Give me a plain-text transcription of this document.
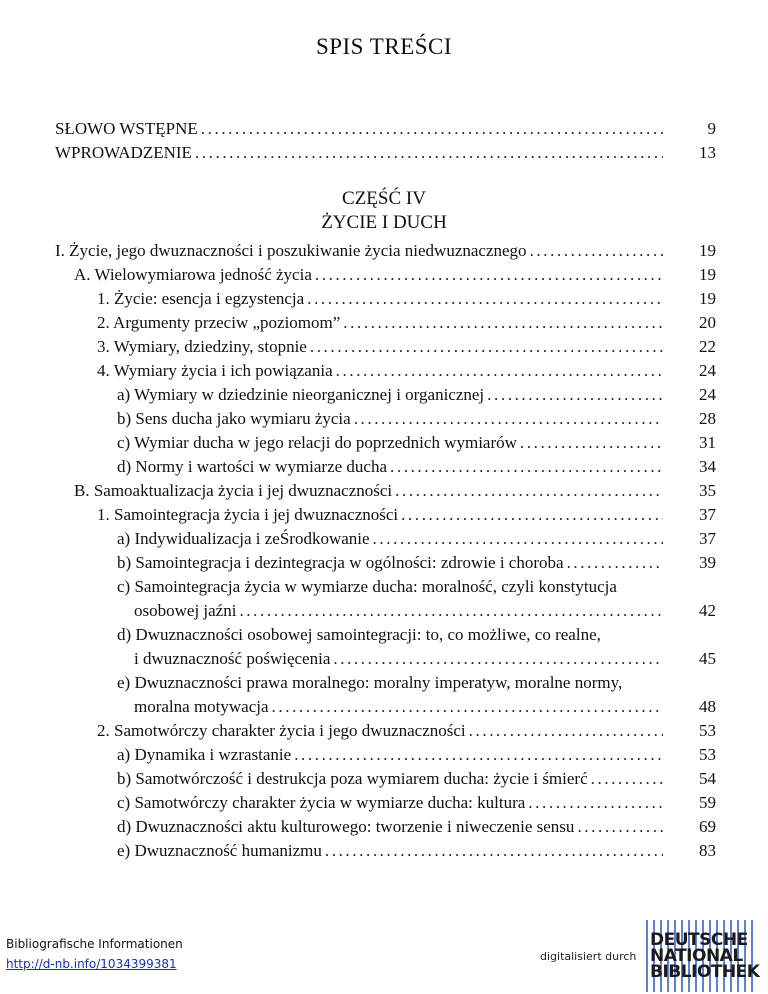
SPIS TREŚCI
SŁOWO WSTĘPNE .....	9
WPROWADZENIE .....	13
CZĘŚĆ IV
ŻYCIE I DUCH
I. Życie, jego dwuznaczności i poszukiwanie życia niedwuznacznego .....	19
A. Wielowymiarowa jedność życia .....	19
1. Życie: esencja i egzystencja .....	19
2. Argumenty przeciw „poziomom” .....	20
3. Wymiary, dziedziny, stopnie .....	22
4. Wymiary życia i ich powiązania .....	24
a) Wymiary w dziedzinie nieorganicznej i organicznej .....	24
b) Sens ducha jako wymiaru życia .....	28
c) Wymiar ducha w jego relacji do poprzednich wymiarów .....	31
d) Normy i wartości w wymiarze ducha .....	34
B. Samoaktualizacja życia i jej dwuznaczności .....	35
1. Samointegracja życia i jej dwuznaczności .....	37
a) Indywidualizacja i zeŚrodkowanie .....	37
b) Samointegracja i dezintegracja w ogólności: zdrowie i choroba .....	39
c) Samointegracja życia w wymiarze ducha: moralność, czyli konstytucja
osobowej jaźni .....	42
d) Dwuznaczności osobowej samointegracji: to, co możliwe, co realne,
i dwuznaczność poświęcenia .....	45
e) Dwuznaczności prawa moralnego: moralny imperatyw, moralne normy,
moralna motywacja .....	48
2. Samotwórczy charakter życia i jego dwuznaczności .....	53
a) Dynamika i wzrastanie .....	53
b) Samotwórczość i destrukcja poza wymiarem ducha: życie i śmierć .....	54
c) Samotwórczy charakter życia w wymiarze ducha: kultura .....	59
d) Dwuznaczności aktu kulturowego: tworzenie i niweczenie sensu .....	69
e) Dwuznaczność humanizmu .....	83
Bibliografische Informationen
http://d-nb.info/1034399381
digitalisiert durch
DEUTSCHE
NATIONAL
BIBLIOTHEK
